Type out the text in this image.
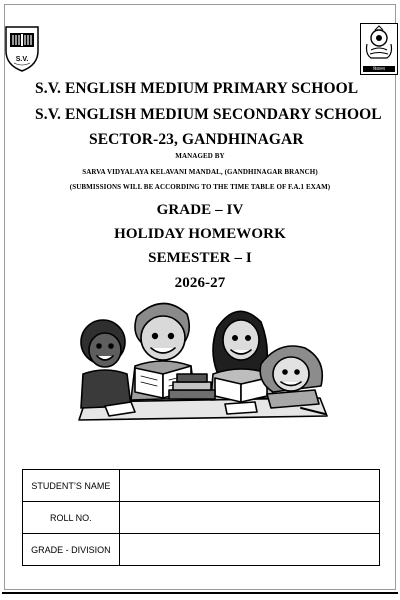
S.V.
विद्यालय
S.V. ENGLISH MEDIUM PRIMARY SCHOOL
S.V. ENGLISH MEDIUM SECONDARY SCHOOL
SECTOR-23, GANDHINAGAR
MANAGED BY
SARVA VIDYALAYA KELAVANI MANDAL, (GANDHINAGAR BRANCH)
(SUBMISSIONS WILL BE ACCORDING TO THE TIME TABLE OF F.A.1 EXAM)
GRADE – IV
HOLIDAY HOMEWORK
SEMESTER – I
2026-27
STUDENT’S NAME	
ROLL NO.	
GRADE - DIVISION	
